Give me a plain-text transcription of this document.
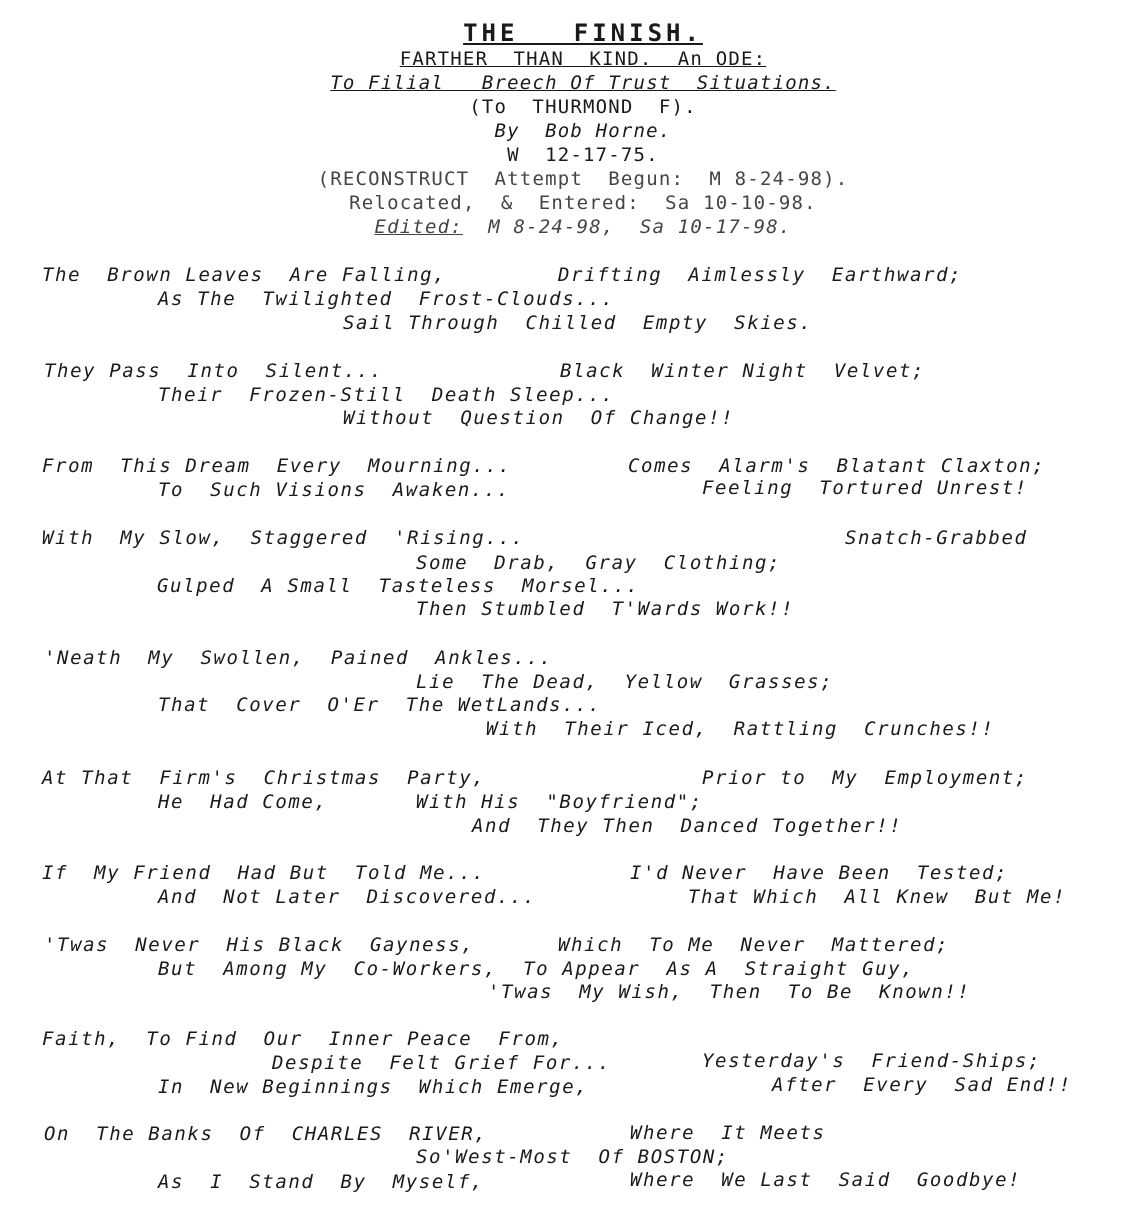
THE   FINISH.
FARTHER  THAN  KIND.  An ODE:
To Filial   Breech Of Trust  Situations.
(To  THURMOND  F).
By  Bob Horne.
W  12-17-75.
(RECONSTRUCT  Attempt  Begun:  M 8-24-98).
Relocated,  &  Entered:  Sa 10-10-98.
Edited:  M 8-24-98,  Sa 10-17-98.
The  Brown Leaves  Are Falling,	Drifting  Aimlessly  Earthward;
As The  Twilighted  Frost-Clouds...
Sail Through  Chilled  Empty  Skies.
They Pass  Into  Silent...	Black  Winter Night  Velvet;
Their  Frozen-Still  Death Sleep...
Without  Question  Of Change!!
From  This Dream  Every  Mourning...	Comes  Alarm's  Blatant Claxton;
To  Such Visions  Awaken...	Feeling  Tortured Unrest!
With  My Slow,  Staggered  'Rising...	Snatch-Grabbed
Some  Drab,  Gray  Clothing;
Gulped  A Small  Tasteless  Morsel...
Then Stumbled  T'Wards Work!!
'Neath  My  Swollen,  Pained  Ankles...
Lie  The Dead,  Yellow  Grasses;
That  Cover  O'Er  The WetLands...
With  Their Iced,  Rattling  Crunches!!
At That  Firm's  Christmas  Party,	Prior to  My  Employment;
He  Had Come,	With His  "Boyfriend";
And  They Then  Danced Together!!
If  My Friend  Had But  Told Me...	I'd Never  Have Been  Tested;
And  Not Later  Discovered...	That Which  All Knew  But Me!
'Twas  Never  His Black  Gayness,	Which  To Me  Never  Mattered;
But  Among My  Co-Workers,  To Appear  As A  Straight Guy,
'Twas  My Wish,  Then  To Be  Known!!
Faith,  To Find  Our  Inner Peace  From,
Despite  Felt Grief For...	Yesterday's  Friend-Ships;
In  New Beginnings  Which Emerge,	After  Every  Sad End!!
On  The Banks  Of  CHARLES  RIVER,	Where  It Meets
So'West-Most  Of BOSTON;
As  I  Stand  By  Myself,	Where  We Last  Said  Goodbye!
